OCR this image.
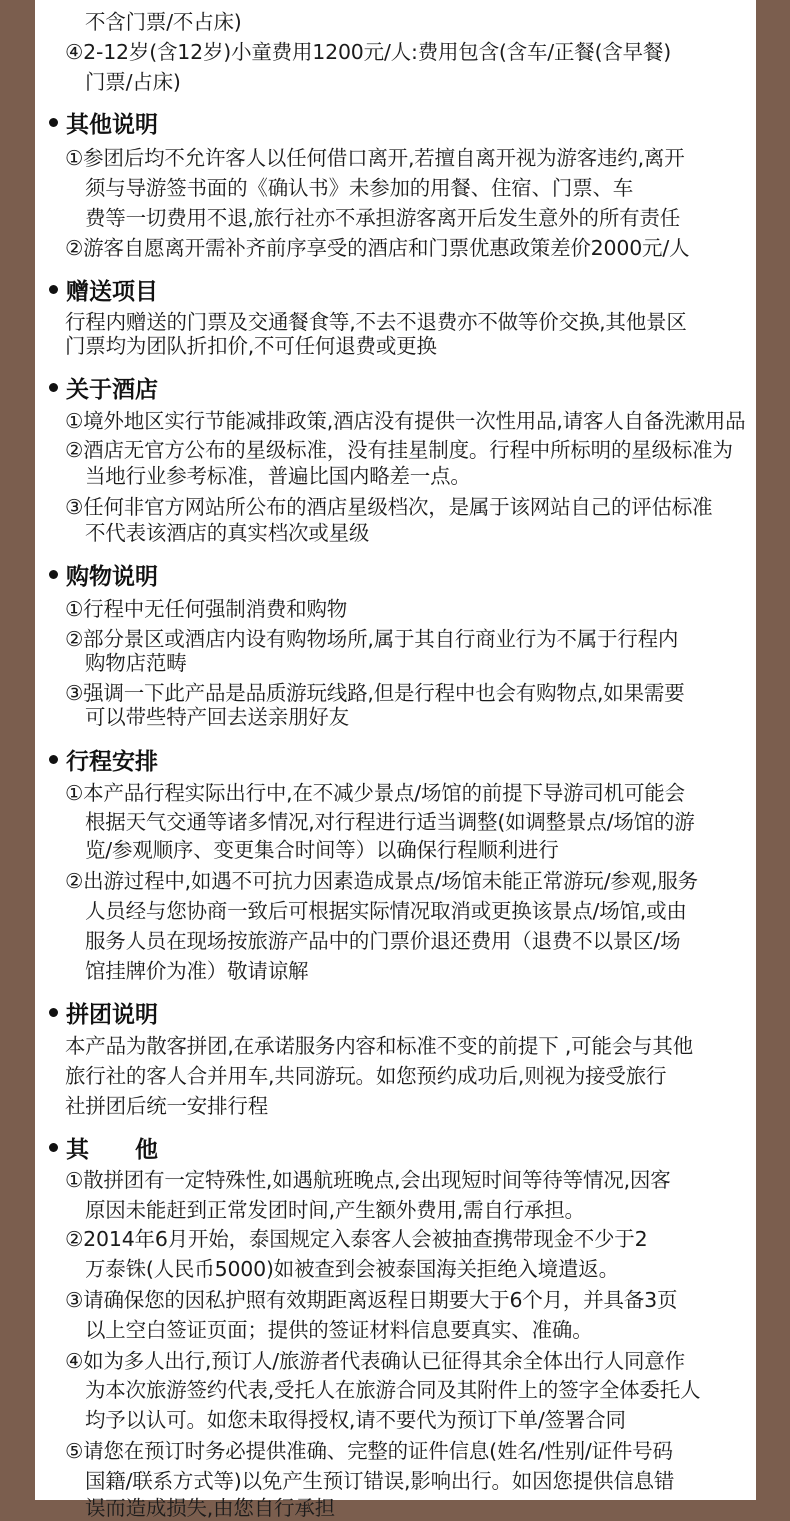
不含门票/不占床)
④2-12岁(含12岁)小童费用1200元/人:费用包含(含车/正餐(含早餐)
门票/占床)
其他说明
①参团后均不允许客人以任何借口离开,若擅自离开视为游客违约,离开
须与导游签书面的《确认书》未参加的用餐、住宿、门票、车
费等一切费用不退,旅行社亦不承担游客离开后发生意外的所有责任
②游客自愿离开需补齐前序享受的酒店和门票优惠政策差价2000元/人
赠送项目
行程内赠送的门票及交通餐食等,不去不退费亦不做等价交换,其他景区
门票均为团队折扣价,不可任何退费或更换
关于酒店
①境外地区实行节能减排政策,酒店没有提供一次性用品,请客人自备洗漱用品
②酒店无官方公布的星级标准，没有挂星制度。行程中所标明的星级标准为
当地行业参考标准，普遍比国内略差一点。
③任何非官方网站所公布的酒店星级档次，是属于该网站自己的评估标准
不代表该酒店的真实档次或星级
购物说明
①行程中无任何强制消费和购物
②部分景区或酒店内设有购物场所,属于其自行商业行为不属于行程内
购物店范畴
③强调一下此产品是品质游玩线路,但是行程中也会有购物点,如果需要
可以带些特产回去送亲朋好友
行程安排
①本产品行程实际出行中,在不减少景点/场馆的前提下导游司机可能会
根据天气交通等诸多情况,对行程进行适当调整(如调整景点/场馆的游
览/参观顺序、变更集合时间等）以确保行程顺利进行
②出游过程中,如遇不可抗力因素造成景点/场馆未能正常游玩/参观,服务
人员经与您协商一致后可根据实际情况取消或更换该景点/场馆,或由
服务人员在现场按旅游产品中的门票价退还费用（退费不以景区/场
馆挂牌价为准）敬请谅解
拼团说明
本产品为散客拼团,在承诺服务内容和标准不变的前提下 ,可能会与其他
旅行社的客人合并用车,共同游玩。如您预约成功后,则视为接受旅行
社拼团后统一安排行程
其　　他
①散拼团有一定特殊性,如遇航班晚点,会出现短时间等待等情况,因客
原因未能赶到正常发团时间,产生额外费用,需自行承担。
②2014年6月开始，泰国规定入泰客人会被抽查携带现金不少于2
万泰铢(人民币5000)如被查到会被泰国海关拒绝入境遣返。
③请确保您的因私护照有效期距离返程日期要大于6个月，并具备3页
以上空白签证页面；提供的签证材料信息要真实、准确。
④如为多人出行,预订人/旅游者代表确认已征得其余全体出行人同意作
为本次旅游签约代表,受托人在旅游合同及其附件上的签字全体委托人
均予以认可。如您未取得授权,请不要代为预订下单/签署合同
⑤请您在预订时务必提供准确、完整的证件信息(姓名/性别/证件号码
国籍/联系方式等)以免产生预订错误,影响出行。如因您提供信息错
误而造成损失,由您自行承担
